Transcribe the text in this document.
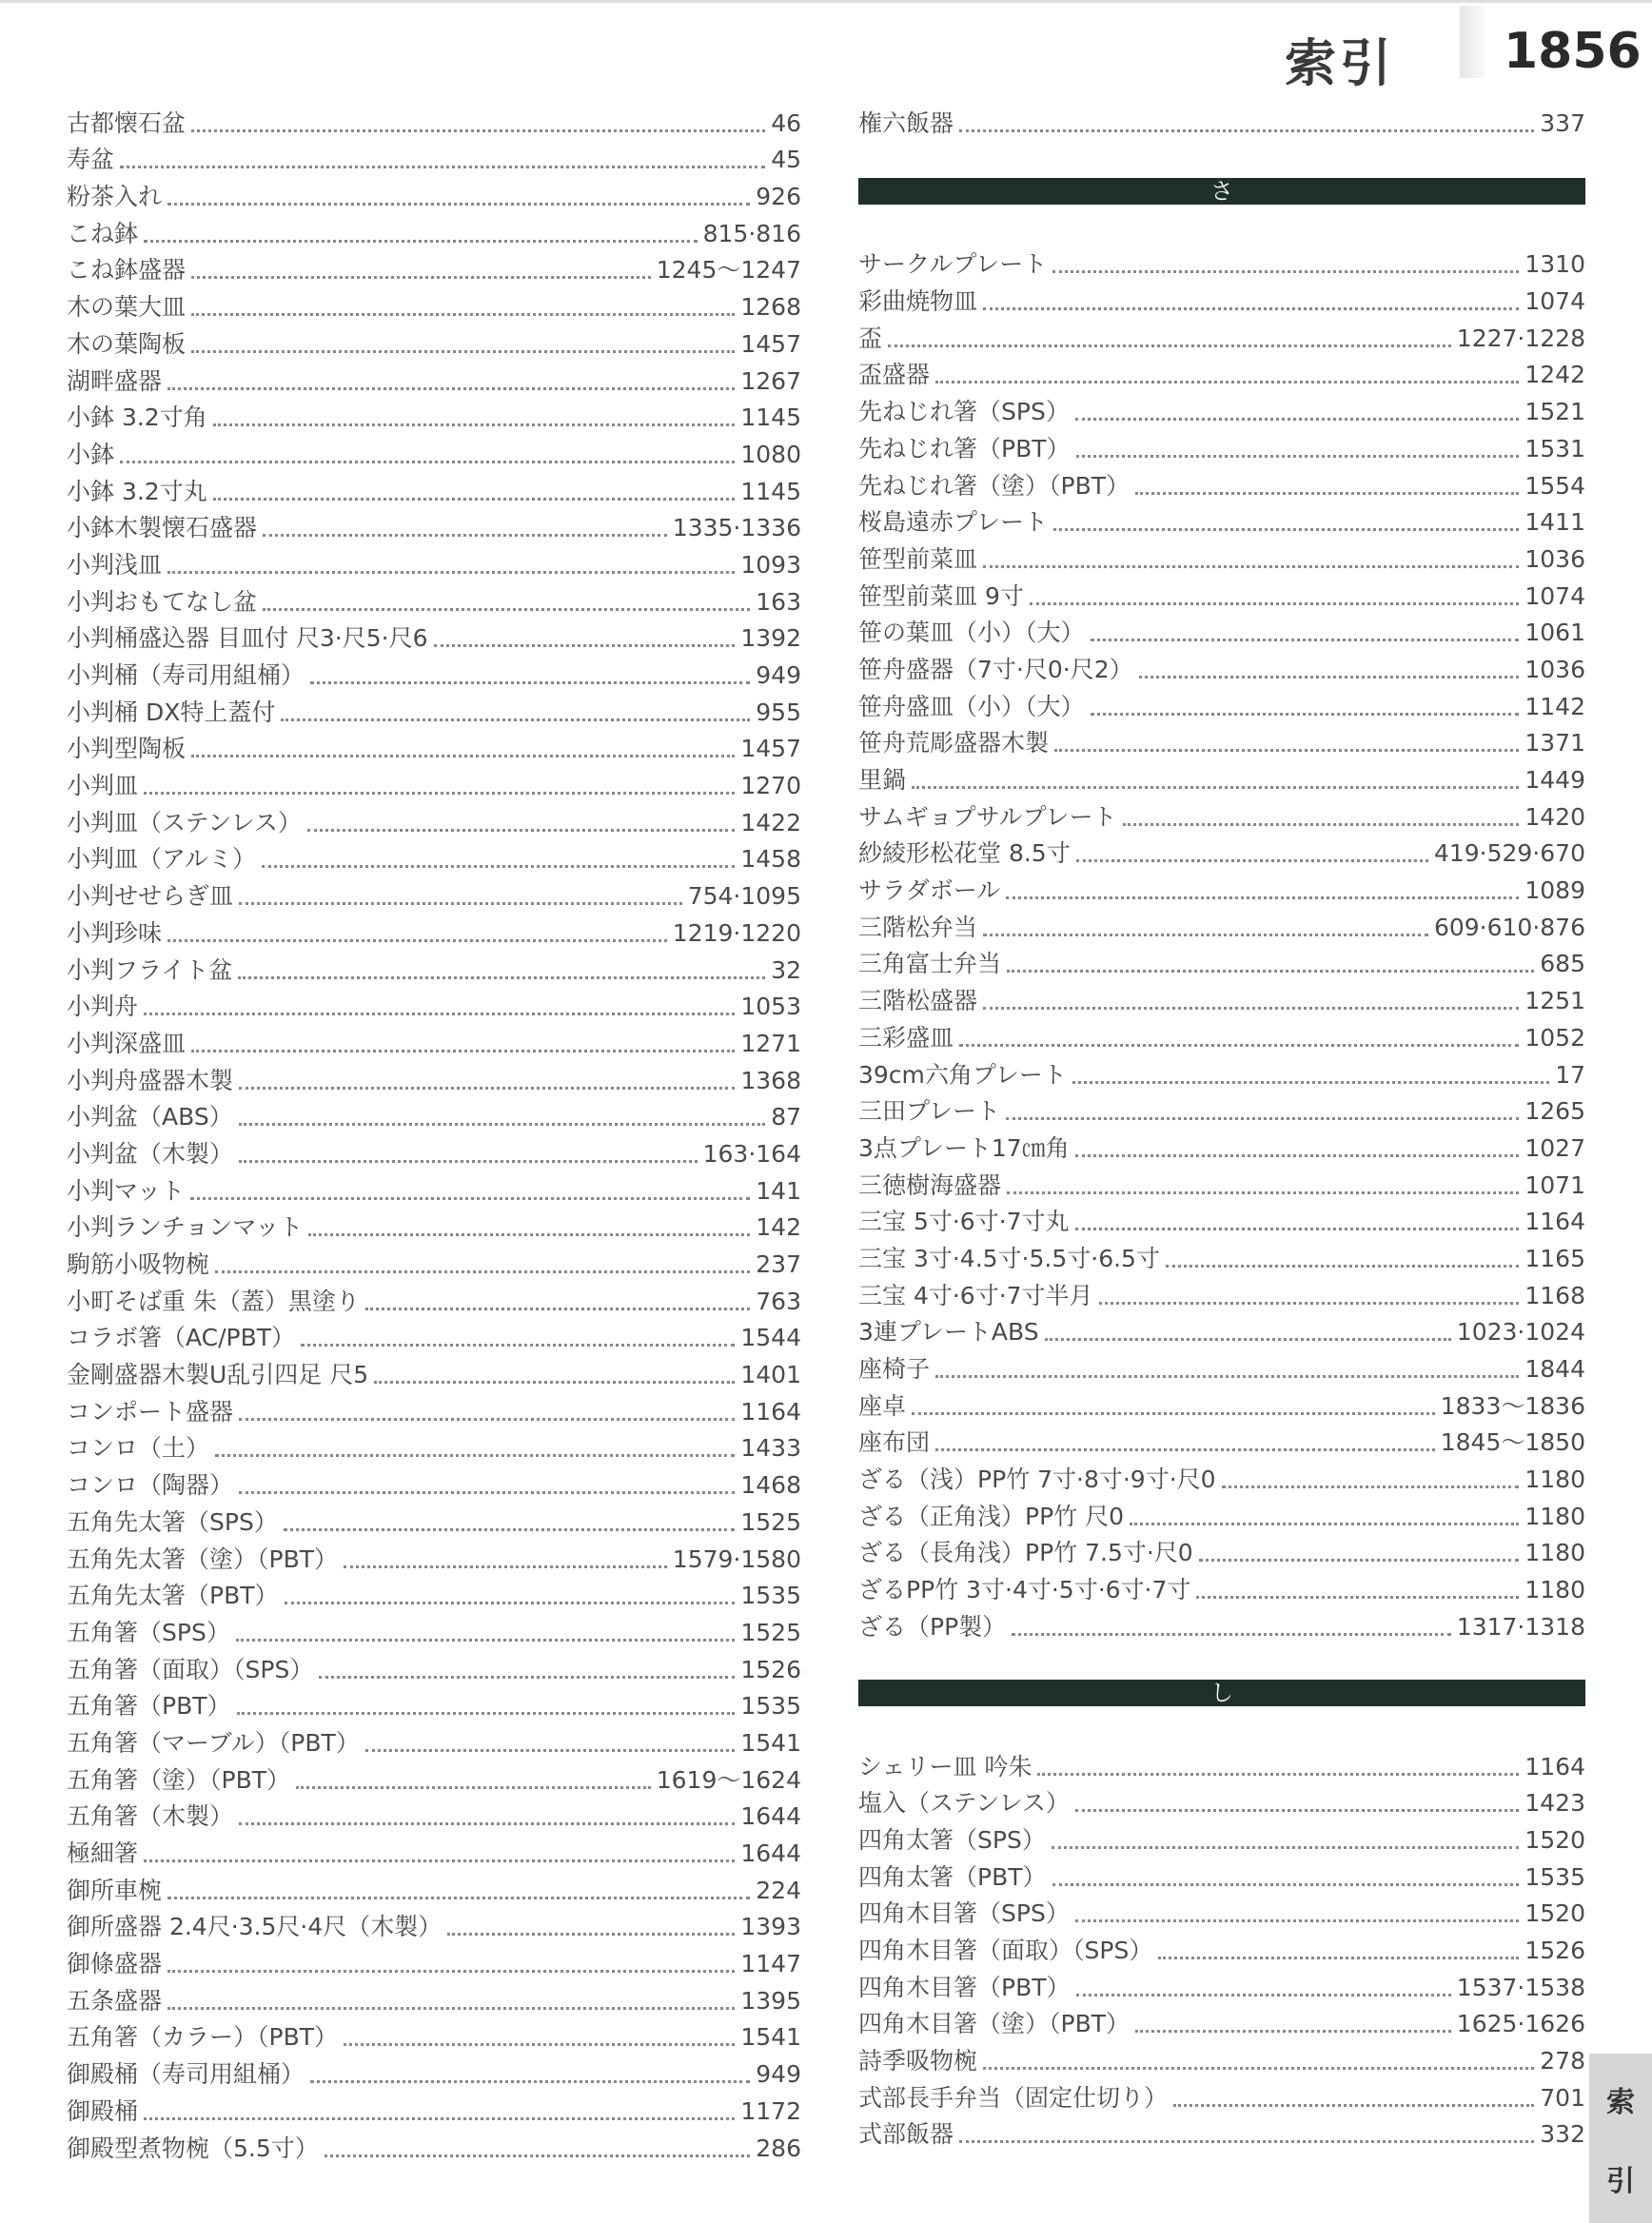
索引 1856
古都懐石盆	46
寿盆	45
粉茶入れ	926
こね鉢	815·816
こね鉢盛器	1245〜1247
木の葉大皿	1268
木の葉陶板	1457
湖畔盛器	1267
小鉢 3.2寸角	1145
小鉢	1080
小鉢 3.2寸丸	1145
小鉢木製懐石盛器	1335·1336
小判浅皿	1093
小判おもてなし盆	163
小判桶盛込器 目皿付 尺3·尺5·尺6	1392
小判桶（寿司用組桶）	949
小判桶 DX特上蓋付	955
小判型陶板	1457
小判皿	1270
小判皿（ステンレス）	1422
小判皿（アルミ）	1458
小判せせらぎ皿	754·1095
小判珍味	1219·1220
小判フライト盆	32
小判舟	1053
小判深盛皿	1271
小判舟盛器木製	1368
小判盆（ABS）	87
小判盆（木製）	163·164
小判マット	141
小判ランチョンマット	142
駒筋小吸物椀	237
小町そば重 朱（蓋）黒塗り	763
コラボ箸（AC/PBT）	1544
金剛盛器木製U乱引四足 尺5	1401
コンポート盛器	1164
コンロ（土）	1433
コンロ（陶器）	1468
五角先太箸（SPS）	1525
五角先太箸（塗）（PBT）	1579·1580
五角先太箸（PBT）	1535
五角箸（SPS）	1525
五角箸（面取）（SPS）	1526
五角箸（PBT）	1535
五角箸（マーブル）（PBT）	1541
五角箸（塗）（PBT）	1619〜1624
五角箸（木製）	1644
極細箸	1644
御所車椀	224
御所盛器 2.4尺·3.5尺·4尺（木製）	1393
御條盛器	1147
五条盛器	1395
五角箸（カラー）（PBT）	1541
御殿桶（寿司用組桶）	949
御殿桶	1172
御殿型煮物椀（5.5寸）	286
権六飯器	337
さ
サークルプレート	1310
彩曲焼物皿	1074
盃	1227·1228
盃盛器	1242
先ねじれ箸（SPS）	1521
先ねじれ箸（PBT）	1531
先ねじれ箸（塗）（PBT）	1554
桜島遠赤プレート	1411
笹型前菜皿	1036
笹型前菜皿 9寸	1074
笹の葉皿（小）（大）	1061
笹舟盛器（7寸·尺0·尺2）	1036
笹舟盛皿（小）（大）	1142
笹舟荒彫盛器木製	1371
里鍋	1449
サムギョプサルプレート	1420
紗綾形松花堂 8.5寸	419·529·670
サラダボール	1089
三階松弁当	609·610·876
三角富士弁当	685
三階松盛器	1251
三彩盛皿	1052
39cm六角プレート	17
三田プレート	1265
3点プレート17㎝角	1027
三徳樹海盛器	1071
三宝 5寸·6寸·7寸丸	1164
三宝 3寸·4.5寸·5.5寸·6.5寸	1165
三宝 4寸·6寸·7寸半月	1168
3連プレートABS	1023·1024
座椅子	1844
座卓	1833〜1836
座布団	1845〜1850
ざる（浅）PP竹 7寸·8寸·9寸·尺0	1180
ざる（正角浅）PP竹 尺0	1180
ざる（長角浅）PP竹 7.5寸·尺0	1180
ざるPP竹 3寸·4寸·5寸·6寸·7寸	1180
ざる（PP製）	1317·1318
し
シェリー皿 吟朱	1164
塩入（ステンレス）	1423
四角太箸（SPS）	1520
四角太箸（PBT）	1535
四角木目箸（SPS）	1520
四角木目箸（面取）（SPS）	1526
四角木目箸（PBT）	1537·1538
四角木目箸（塗）（PBT）	1625·1626
詩季吸物椀	278
式部長手弁当（固定仕切り）	701
式部飯器	332
索
引
